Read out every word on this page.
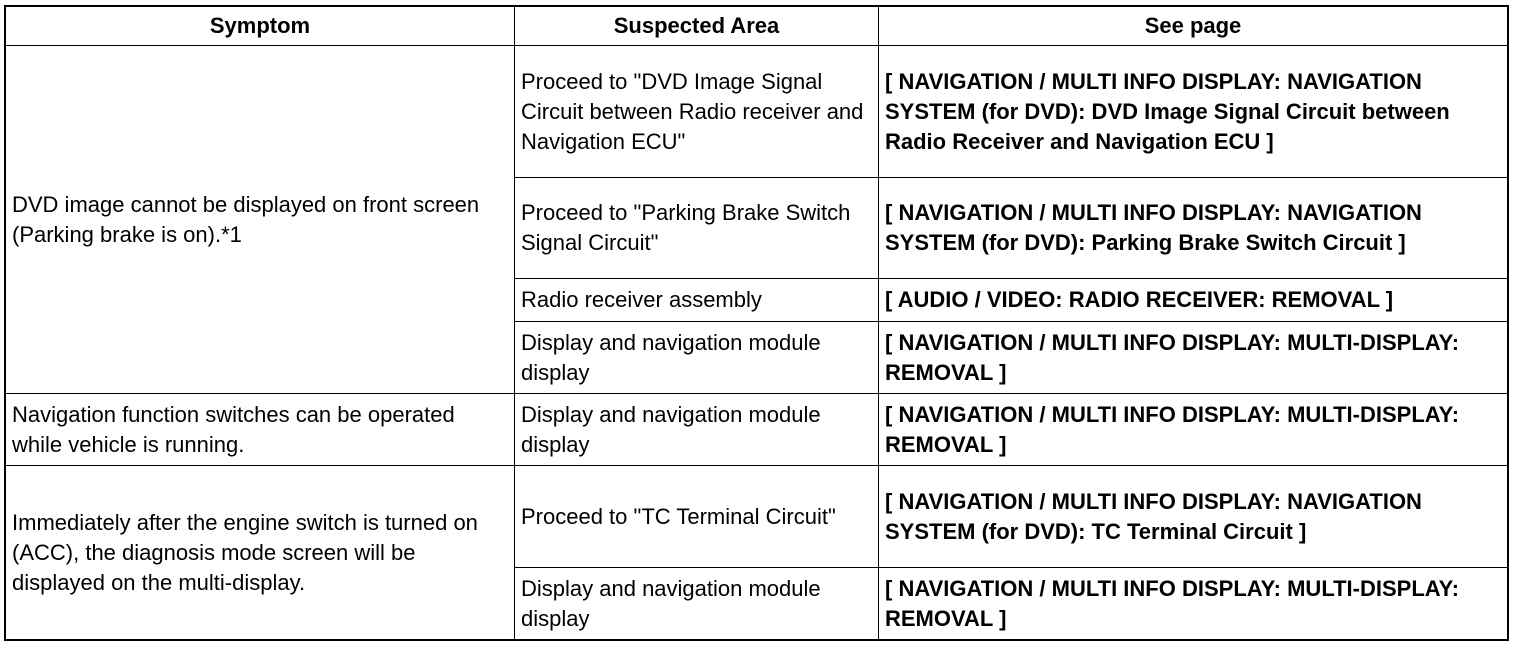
Symptom	Suspected Area	See page
DVD image cannot be displayed on front screen (Parking brake is on).*1	Proceed to "DVD Image Signal Circuit between Radio receiver and Navigation ECU"	[ NAVIGATION / MULTI INFO DISPLAY: NAVIGATION SYSTEM (for DVD): DVD Image Signal Circuit between Radio Receiver and Navigation ECU ]
	Proceed to "Parking Brake Switch Signal Circuit"	[ NAVIGATION / MULTI INFO DISPLAY: NAVIGATION SYSTEM (for DVD): Parking Brake Switch Circuit ]
	Radio receiver assembly	[ AUDIO / VIDEO: RADIO RECEIVER: REMOVAL ]
	Display and navigation module display	[ NAVIGATION / MULTI INFO DISPLAY: MULTI-DISPLAY: REMOVAL ]
Navigation function switches can be operated while vehicle is running.	Display and navigation module display	[ NAVIGATION / MULTI INFO DISPLAY: MULTI-DISPLAY: REMOVAL ]
Immediately after the engine switch is turned on (ACC), the diagnosis mode screen will be displayed on the multi-display.	Proceed to "TC Terminal Circuit"	[ NAVIGATION / MULTI INFO DISPLAY: NAVIGATION SYSTEM (for DVD): TC Terminal Circuit ]
	Display and navigation module display	[ NAVIGATION / MULTI INFO DISPLAY: MULTI-DISPLAY: REMOVAL ]
